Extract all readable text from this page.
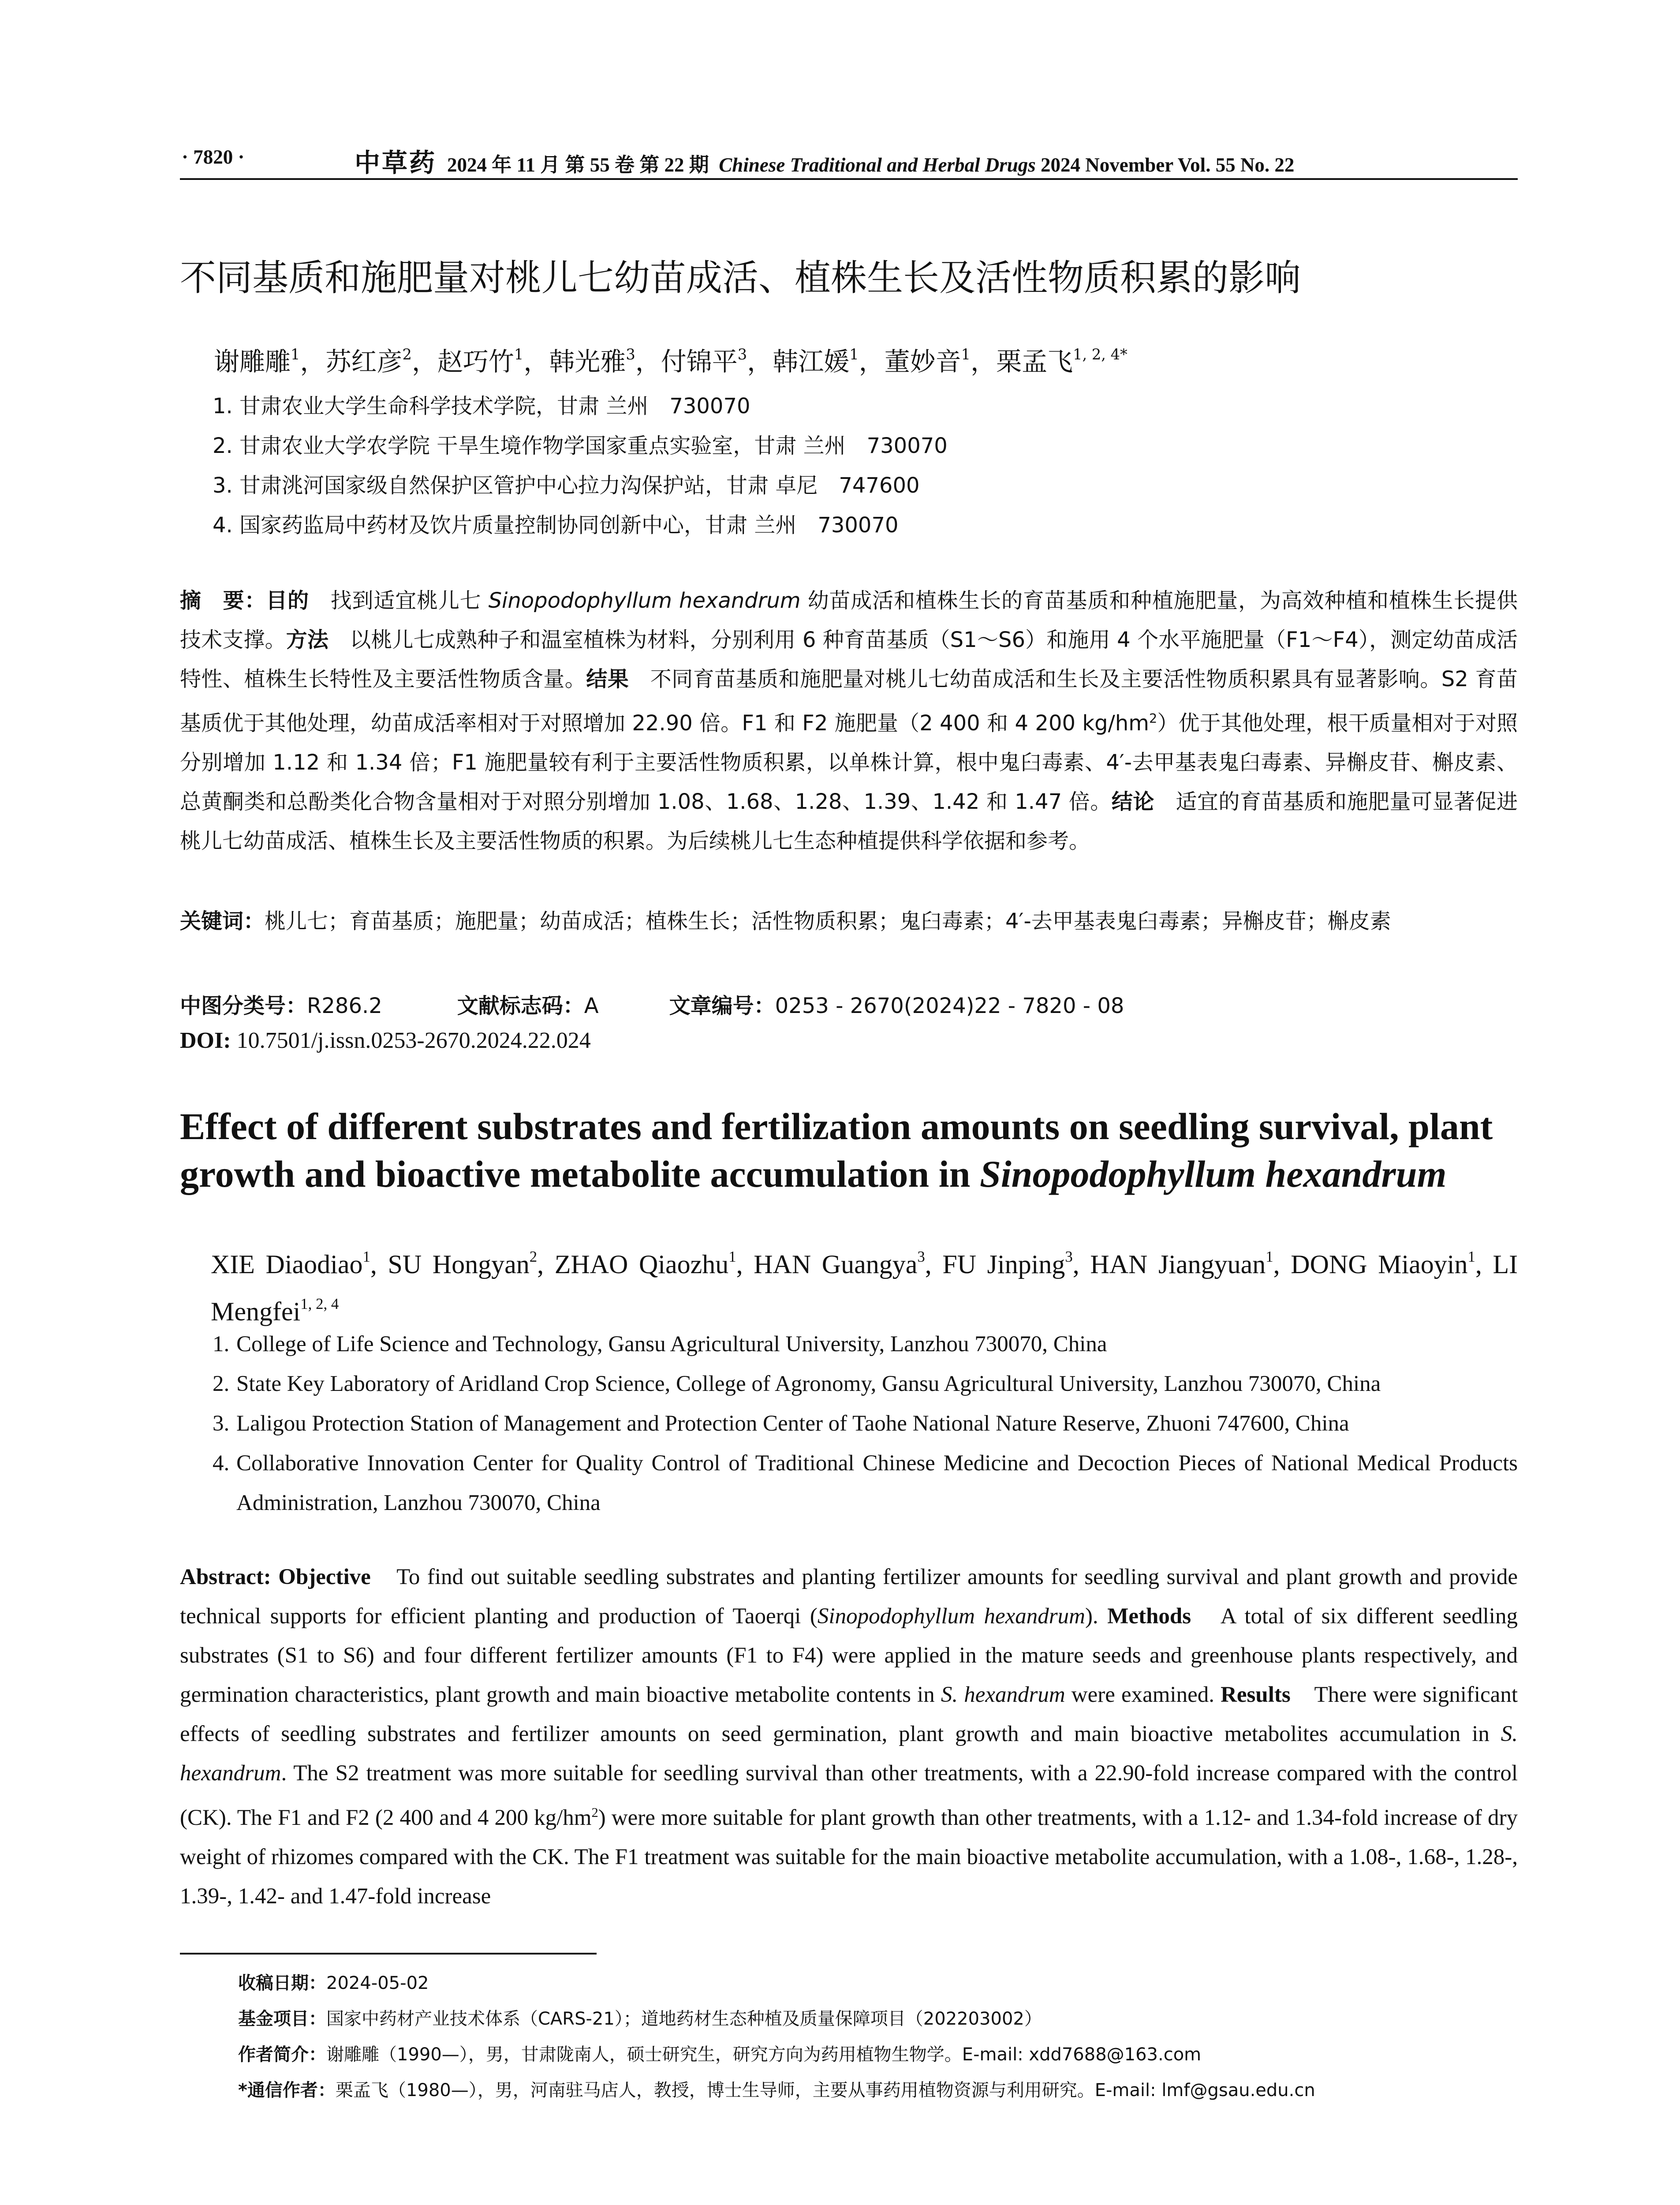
· 7820 ·	中草药 2024 年 11 月 第 55 卷 第 22 期 Chinese Traditional and Herbal Drugs 2024 November Vol. 55 No. 22
不同基质和施肥量对桃儿七幼苗成活、植株生长及活性物质积累的影响
谢雕雕$^1$，苏红彦$^2$，赵巧竹$^1$，韩光雅$^3$，付锦平$^3$，韩江媛$^1$，董妙音$^1$，栗孟飞$^{1, 2, 4*}$
1. 甘肃农业大学生命科学技术学院，甘肃 兰州　730070
2. 甘肃农业大学农学院 干旱生境作物学国家重点实验室，甘肃 兰州　730070
3. 甘肃洮河国家级自然保护区管护中心拉力沟保护站，甘肃 卓尼　747600
4. 国家药监局中药材及饮片质量控制协同创新中心，甘肃 兰州　730070
摘　要：目的　找到适宜桃儿七 Sinopodophyllum hexandrum 幼苗成活和植株生长的育苗基质和种植施肥量，为高效种植和植株生长提供技术支撑。方法　以桃儿七成熟种子和温室植株为材料，分别利用 6 种育苗基质（S1～S6）和施用 4 个水平施肥量（F1～F4），测定幼苗成活特性、植株生长特性及主要活性物质含量。结果　不同育苗基质和施肥量对桃儿七幼苗成活和生长及主要活性物质积累具有显著影响。S2 育苗基质优于其他处理，幼苗成活率相对于对照增加 22.90 倍。F1 和 F2 施肥量（2 400 和 4 200 $kg/hm^2$）优于其他处理，根干质量相对于对照分别增加 1.12 和 1.34 倍；F1 施肥量较有利于主要活性物质积累，以单株计算，根中鬼臼毒素、4′-去甲基表鬼臼毒素、异槲皮苷、槲皮素、总黄酮类和总酚类化合物含量相对于对照分别增加 1.08、1.68、1.28、1.39、1.42 和 1.47 倍。结论　适宜的育苗基质和施肥量可显著促进桃儿七幼苗成活、植株生长及主要活性物质的积累。为后续桃儿七生态种植提供科学依据和参考。
关键词：桃儿七；育苗基质；施肥量；幼苗成活；植株生长；活性物质积累；鬼臼毒素；4′-去甲基表鬼臼毒素；异槲皮苷；槲皮素
中图分类号：R286.2	文献标志码：A	文章编号：0253 - 2670(2024)22 - 7820 - 08
DOI: 10.7501/j.issn.0253-2670.2024.22.024
Effect of different substrates and fertilization amounts on seedling survival, plant growth and bioactive metabolite accumulation in Sinopodophyllum hexandrum
XIE Diaodiao$^1$, SU Hongyan$^2$, ZHAO Qiaozhu$^1$, HAN Guangya$^3$, FU Jinping$^3$, HAN Jiangyuan$^1$, DONG Miaoyin$^1$, LI Mengfei$^{1, 2, 4}$
1. College of Life Science and Technology, Gansu Agricultural University, Lanzhou 730070, China
2. State Key Laboratory of Aridland Crop Science, College of Agronomy, Gansu Agricultural University, Lanzhou 730070, China
3. Laligou Protection Station of Management and Protection Center of Taohe National Nature Reserve, Zhuoni 747600, China
4. Collaborative Innovation Center for Quality Control of Traditional Chinese Medicine and Decoction Pieces of National Medical Products Administration, Lanzhou 730070, China
Abstract: Objective　To find out suitable seedling substrates and planting fertilizer amounts for seedling survival and plant growth and provide technical supports for efficient planting and production of Taoerqi (Sinopodophyllum hexandrum). Methods　A total of six different seedling substrates (S1 to S6) and four different fertilizer amounts (F1 to F4) were applied in the mature seeds and greenhouse plants respectively, and germination characteristics, plant growth and main bioactive metabolite contents in S. hexandrum were examined. Results　There were significant effects of seedling substrates and fertilizer amounts on seed germination, plant growth and main bioactive metabolites accumulation in S. hexandrum. The S2 treatment was more suitable for seedling survival than other treatments, with a 22.90-fold increase compared with the control (CK). The F1 and F2 (2 400 and 4 200 $kg/hm^2$) were more suitable for plant growth than other treatments, with a 1.12- and 1.34-fold increase of dry weight of rhizomes compared with the CK. The F1 treatment was suitable for the main bioactive metabolite accumulation, with a 1.08-, 1.68-, 1.28-, 1.39-, 1.42- and 1.47-fold increase
收稿日期：2024-05-02
基金项目：国家中药材产业技术体系（CARS-21）；道地药材生态种植及质量保障项目（202203002）
作者简介：谢雕雕（1990—），男，甘肃陇南人，硕士研究生，研究方向为药用植物生物学。E-mail: xdd7688@163.com
*通信作者：栗孟飞（1980—），男，河南驻马店人，教授，博士生导师，主要从事药用植物资源与利用研究。E-mail: lmf@gsau.edu.cn
